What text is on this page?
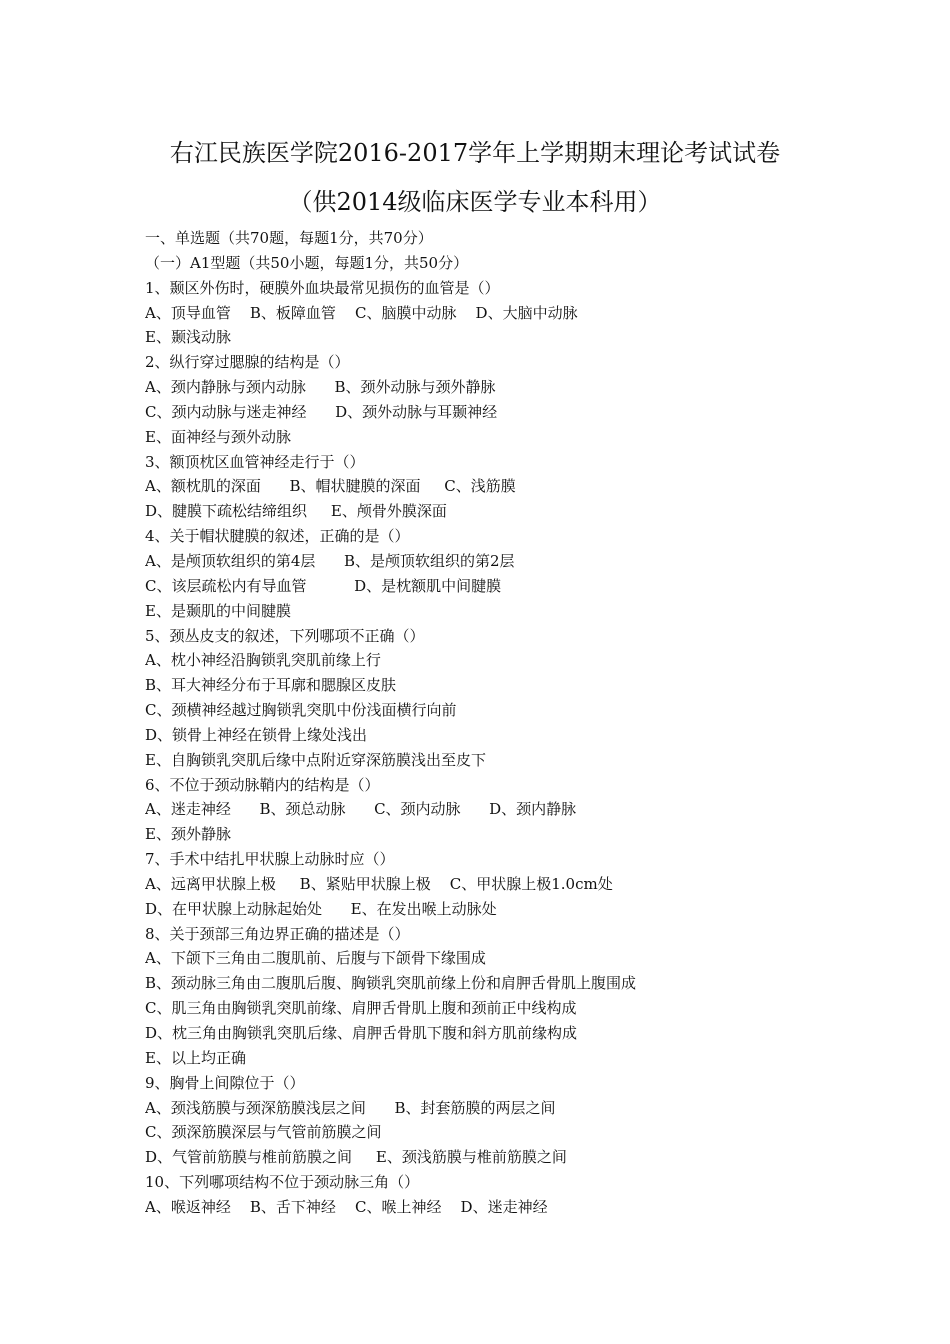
右江民族医学院2016-2017学年上学期期末理论考试试卷
（供2014级临床医学专业本科用）
一、单选题（共70题，每题1分，共70分）
（一）A1型题（共50小题，每题1分，共50分）
1、颞区外伤时，硬膜外血块最常见损伤的血管是（）
A、顶导血管    B、板障血管    C、脑膜中动脉    D、大脑中动脉
E、颞浅动脉
2、纵行穿过腮腺的结构是（）
A、颈内静脉与颈内动脉      B、颈外动脉与颈外静脉
C、颈内动脉与迷走神经      D、颈外动脉与耳颞神经
E、面神经与颈外动脉
3、额顶枕区血管神经走行于（）
A、额枕肌的深面      B、帽状腱膜的深面     C、浅筋膜
D、腱膜下疏松结缔组织     E、颅骨外膜深面
4、关于帽状腱膜的叙述，正确的是（）
A、是颅顶软组织的第4层      B、是颅顶软组织的第2层
C、该层疏松内有导血管          D、是枕额肌中间腱膜
E、是颞肌的中间腱膜
5、颈丛皮支的叙述，下列哪项不正确（）
A、枕小神经沿胸锁乳突肌前缘上行
B、耳大神经分布于耳廓和腮腺区皮肤
C、颈横神经越过胸锁乳突肌中份浅面横行向前
D、锁骨上神经在锁骨上缘处浅出
E、自胸锁乳突肌后缘中点附近穿深筋膜浅出至皮下
6、不位于颈动脉鞘内的结构是（）
A、迷走神经      B、颈总动脉      C、颈内动脉      D、颈内静脉
E、颈外静脉
7、手术中结扎甲状腺上动脉时应（）
A、远离甲状腺上极     B、紧贴甲状腺上极    C、甲状腺上极1.0cm处
D、在甲状腺上动脉起始处      E、在发出喉上动脉处
8、关于颈部三角边界正确的描述是（）
A、下颌下三角由二腹肌前、后腹与下颌骨下缘围成
B、颈动脉三角由二腹肌后腹、胸锁乳突肌前缘上份和肩胛舌骨肌上腹围成
C、肌三角由胸锁乳突肌前缘、肩胛舌骨肌上腹和颈前正中线构成
D、枕三角由胸锁乳突肌后缘、肩胛舌骨肌下腹和斜方肌前缘构成
E、以上均正确
9、胸骨上间隙位于（）
A、颈浅筋膜与颈深筋膜浅层之间      B、封套筋膜的两层之间
C、颈深筋膜深层与气管前筋膜之间
D、气管前筋膜与椎前筋膜之间     E、颈浅筋膜与椎前筋膜之间
10、下列哪项结构不位于颈动脉三角（）
A、喉返神经    B、舌下神经    C、喉上神经    D、迷走神经
